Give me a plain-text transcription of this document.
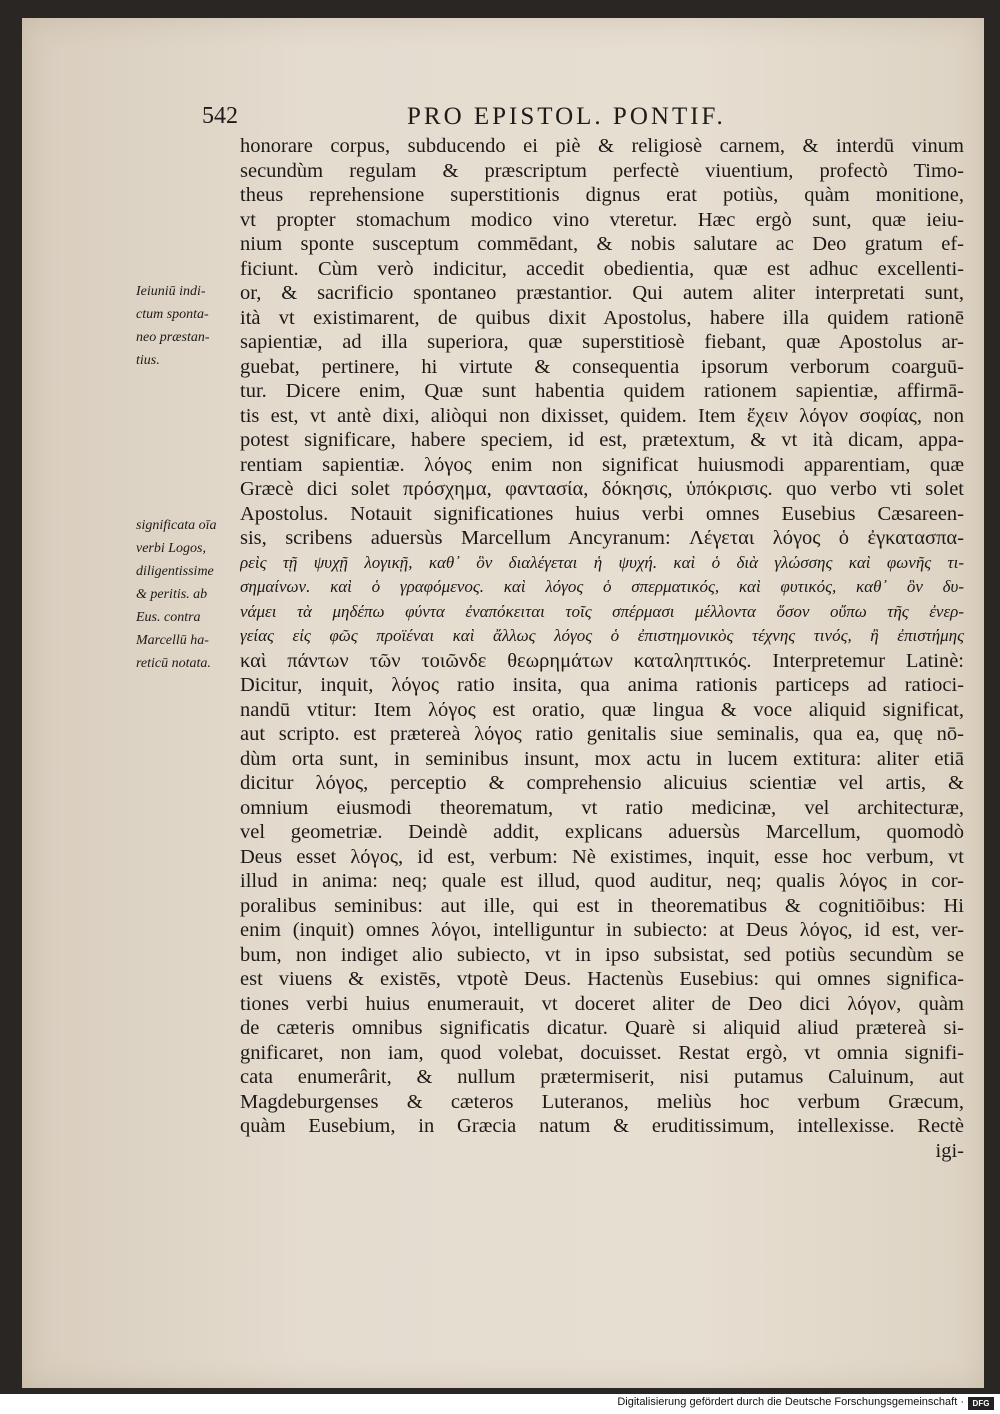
542	PRO EPISTOL. PONTIF.
Ieiuniū indi-
ctum sponta-
neo præstan-
tius.
significata oīa
verbi Logos,
diligentissime
& peritis. ab
Eus. contra
Marcellū ha-
reticū notata.
honorare corpus, subducendo ei piè & religiosè carnem, & interdū vinum
secundùm regulam & præscriptum perfectè viuentium, profectò Timo-
theus reprehensione superstitionis dignus erat potiùs, quàm monitione,
vt propter stomachum modico vino vteretur. Hæc ergò sunt, quæ ieiu-
nium sponte susceptum commēdant, & nobis salutare ac Deo gratum ef-
ficiunt. Cùm verò indicitur, accedit obedientia, quæ est adhuc excellenti-
or, & sacrificio spontaneo præstantior. Qui autem aliter interpretati sunt,
ità vt existimarent, de quibus dixit Apostolus, habere illa quidem rationē
sapientiæ, ad illa superiora, quæ superstitiosè fiebant, quæ Apostolus ar-
guebat, pertinere, hi virtute & consequentia ipsorum verborum coarguū-
tur. Dicere enim, Quæ sunt habentia quidem rationem sapientiæ, affirmā-
tis est, vt antè dixi, aliòqui non dixisset, quidem. Item ἔχειν λόγον σοφίας, non
potest significare, habere speciem, id est, prætextum, & vt ità dicam, appa-
rentiam sapientiæ. λόγος enim non significat huiusmodi apparentiam, quæ
Græcè dici solet πρόσχημα, φαντασία, δόκησις, ὑπόκρισις. quo verbo vti solet
Apostolus. Notauit significationes huius verbi omnes Eusebius Cæsareen-
sis, scribens aduersùs Marcellum Ancyranum: Λέγεται λόγος ὁ ἐγκατασπα-
ρεὶς τῇ ψυχῇ λογικῇ, καθ᾽ ὃν διαλέγεται ἡ ψυχή. καὶ ὁ διὰ γλώσσης καὶ φωνῆς τι-
σημαίνων. καὶ ὁ γραφόμενος. καὶ λόγος ὁ σπερματικός, καὶ φυτικός, καθ᾽ ὃν δυ-
νάμει τὰ μηδέπω φύντα ἐναπόκειται τοῖς σπέρμασι μέλλοντα ὅσον οὔπω τῆς ἐνερ-
γείας εἰς φῶς προϊέναι καὶ ἄλλως λόγος ὁ ἐπιστημονικὸς τέχνης τινός, ἢ ἐπιστήμης
καὶ πάντων τῶν τοιῶνδε θεωρημάτων καταληπτικός. Interpretemur Latinè:
Dicitur, inquit, λόγος ratio insita, qua anima rationis particeps ad ratioci-
nandū vtitur: Item λόγος est oratio, quæ lingua & voce aliquid significat,
aut scripto. est prætereà λόγος ratio genitalis siue seminalis, qua ea, quę nō-
dùm orta sunt, in seminibus insunt, mox actu in lucem extitura: aliter etiā
dicitur λόγος, perceptio & comprehensio alicuius scientiæ vel artis, &
omnium eiusmodi theorematum, vt ratio medicinæ, vel architecturæ,
vel geometriæ. Deindè addit, explicans aduersùs Marcellum, quomodò
Deus esset λόγος, id est, verbum: Nè existimes, inquit, esse hoc verbum, vt
illud in anima: neq; quale est illud, quod auditur, neq; qualis λόγος in cor-
poralibus seminibus: aut ille, qui est in theorematibus & cognitiōibus: Hi
enim (inquit) omnes λόγοι, intelliguntur in subiecto: at Deus λόγος, id est, ver-
bum, non indiget alio subiecto, vt in ipso subsistat, sed potiùs secundùm se
est viuens & existēs, vtpotè Deus. Hactenùs Eusebius: qui omnes significa-
tiones verbi huius enumerauit, vt doceret aliter de Deo dici λόγον, quàm
de cæteris omnibus significatis dicatur. Quarè si aliquid aliud prætereà si-
gnificaret, non iam, quod volebat, docuisset. Restat ergò, vt omnia signifi-
cata enumerârit, & nullum prætermiserit, nisi putamus Caluinum, aut
Magdeburgenses & cæteros Luteranos, meliùs hoc verbum Græcum,
quàm Eusebium, in Græcia natum & eruditissimum, intellexisse. Rectè
igi-
Digitalisierung gefördert durch die Deutsche Forschungsgemeinschaft ·	DFG
